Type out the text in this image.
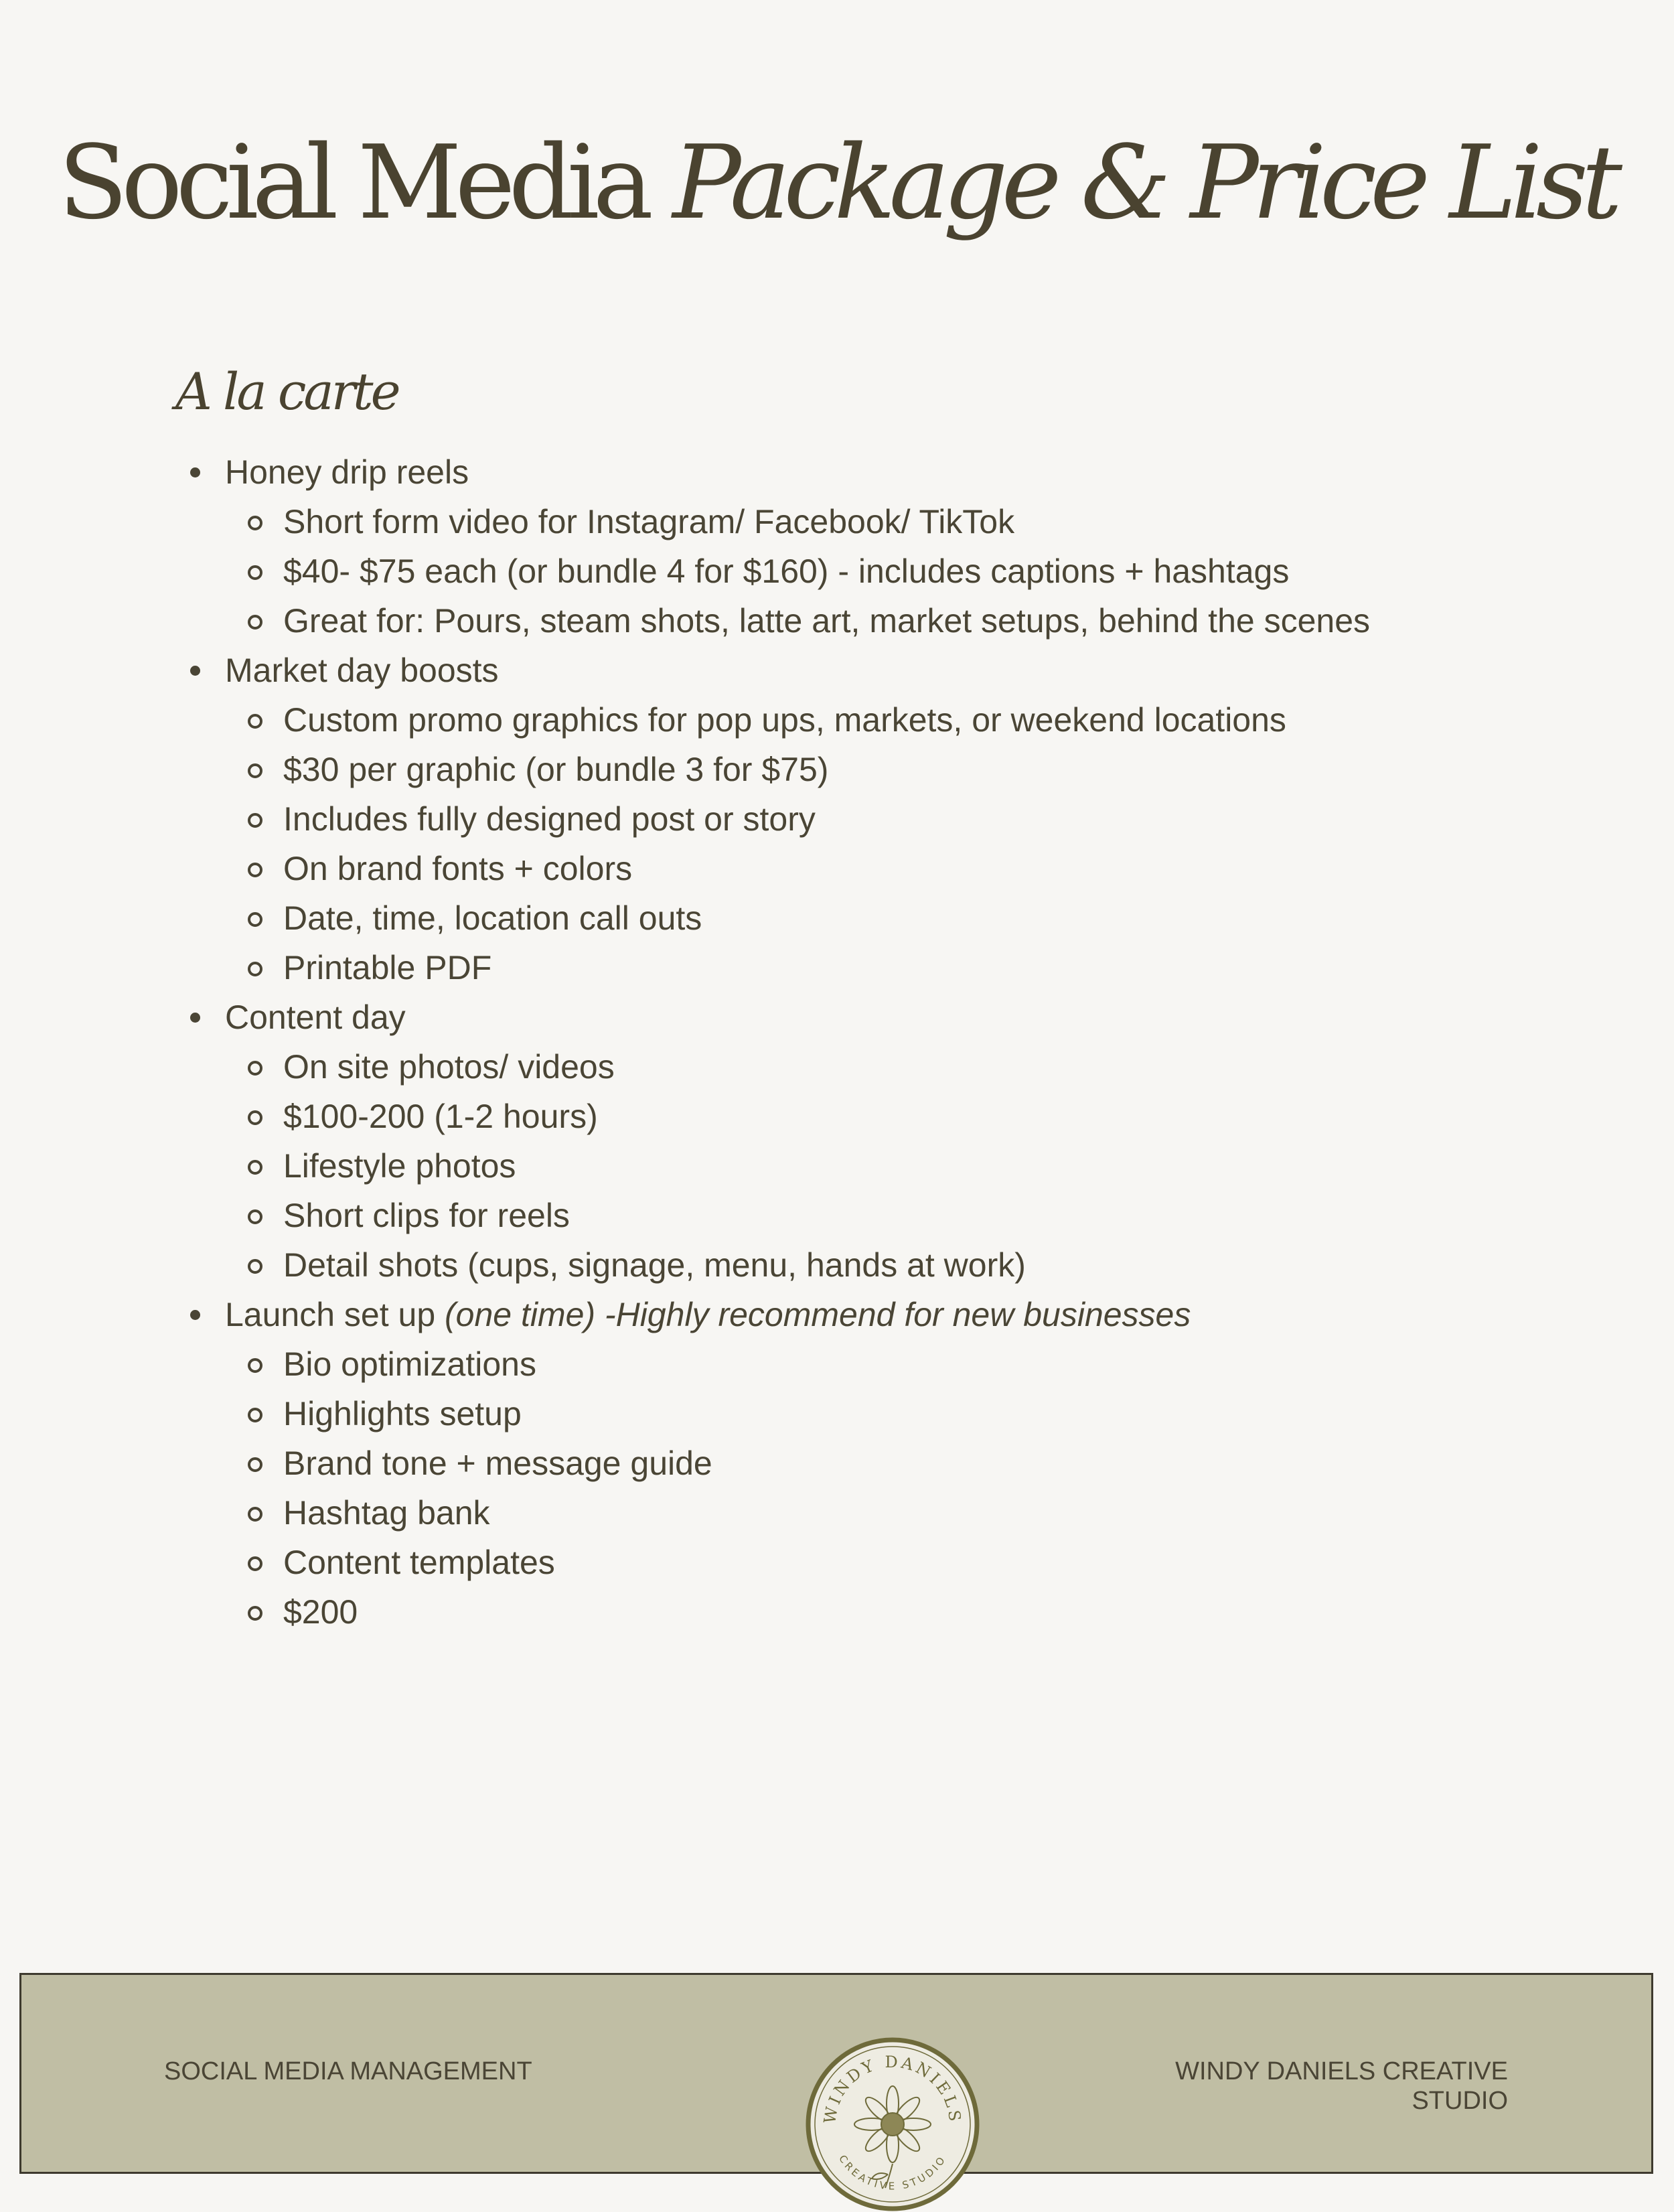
Social Media Package & Price List
A la carte
Honey drip reels
Short form video for Instagram/ Facebook/ TikTok
$40- $75 each (or bundle 4 for $160) - includes captions + hashtags
Great for: Pours, steam shots, latte art, market setups, behind the scenes
Market day boosts
Custom promo graphics for pop ups, markets, or weekend locations
$30 per graphic (or bundle 3 for $75)
Includes fully designed post or story
On brand fonts + colors
Date, time, location call outs
Printable PDF
Content day
On site photos/ videos
$100-200 (1-2 hours)
Lifestyle photos
Short clips for reels
Detail shots (cups, signage, menu, hands at work)
Launch set up (one time) -Highly recommend for new businesses
Bio optimizations
Highlights setup
Brand tone + message guide
Hashtag bank
Content templates
$200
SOCIAL MEDIA MANAGEMENT
WINDY DANIELS
CREATIVE STUDIO
WINDY DANIELS CREATIVE STUDIO
